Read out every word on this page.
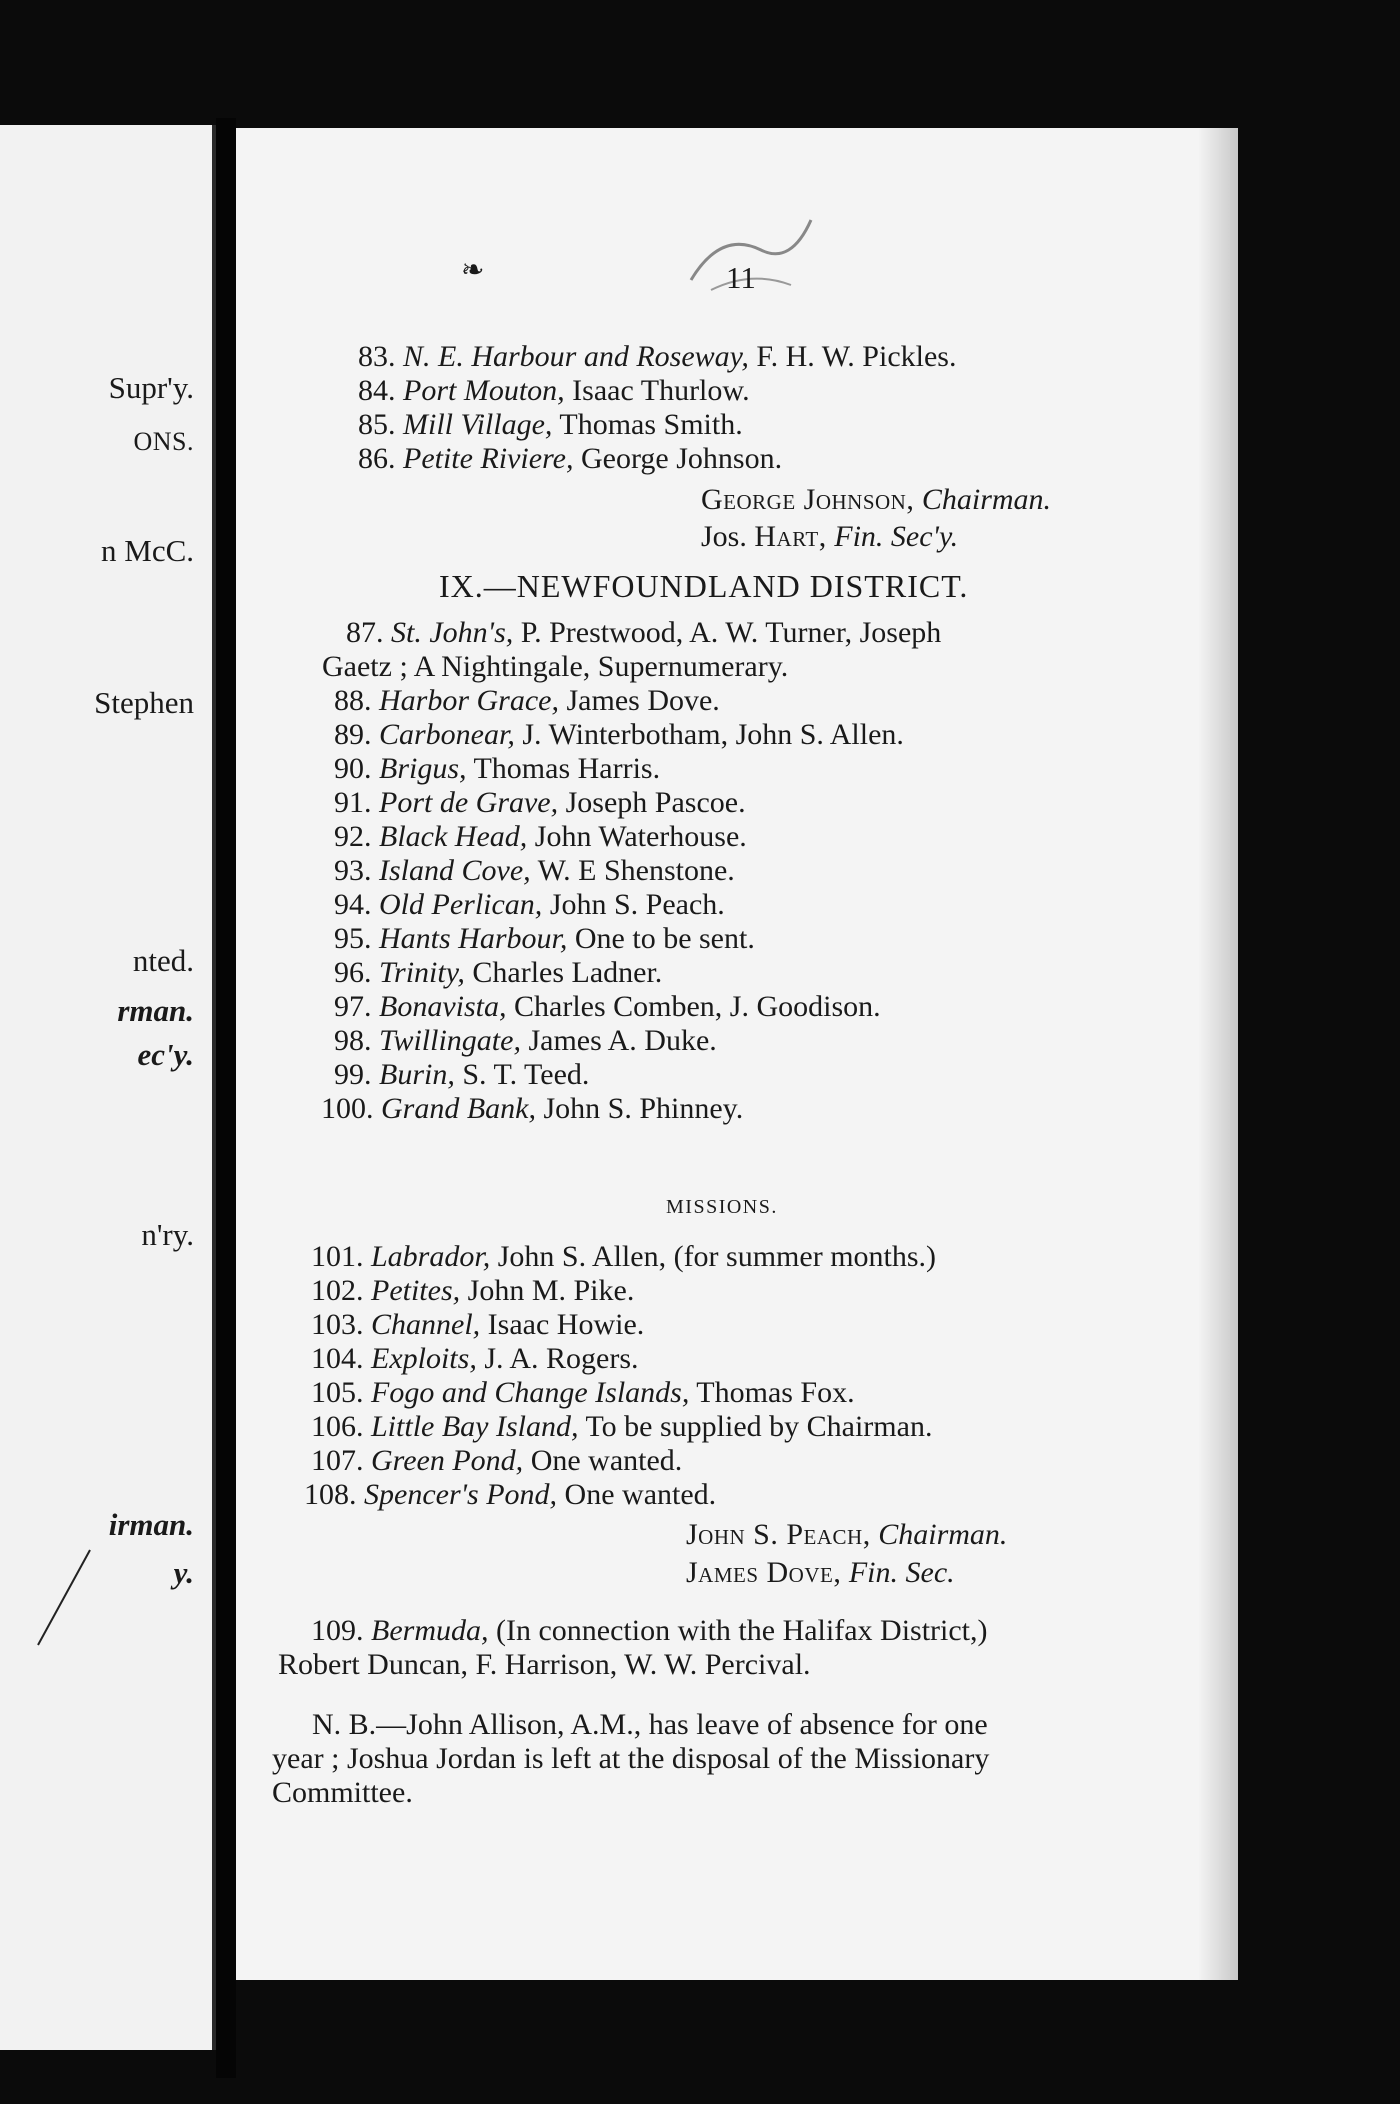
Supr'y.
ONS.
n McC.
Stephen
nted.
rman.
ec'y.
n'ry.
irman.
y.
❧	11
83. N. E. Harbour and Roseway, F. H. W. Pickles.
84. Port Mouton, Isaac Thurlow.
85. Mill Village, Thomas Smith.
86. Petite Riviere, George Johnson.
George Johnson, Chairman.
Jos. Hart, Fin. Sec'y.
IX.—NEWFOUNDLAND DISTRICT.
87. St. John's, P. Prestwood, A. W. Turner, Joseph
Gaetz ; A Nightingale, Supernumerary.
88. Harbor Grace, James Dove.
89. Carbonear, J. Winterbotham, John S. Allen.
90. Brigus, Thomas Harris.
91. Port de Grave, Joseph Pascoe.
92. Black Head, John Waterhouse.
93. Island Cove, W. E Shenstone.
94. Old Perlican, John S. Peach.
95. Hants Harbour, One to be sent.
96. Trinity, Charles Ladner.
97. Bonavista, Charles Comben, J. Goodison.
98. Twillingate, James A. Duke.
99. Burin, S. T. Teed.
100. Grand Bank, John S. Phinney.
MISSIONS.
101. Labrador, John S. Allen, (for summer months.)
102. Petites, John M. Pike.
103. Channel, Isaac Howie.
104. Exploits, J. A. Rogers.
105. Fogo and Change Islands, Thomas Fox.
106. Little Bay Island, To be supplied by Chairman.
107. Green Pond, One wanted.
108. Spencer's Pond, One wanted.
John S. Peach, Chairman.
James Dove, Fin. Sec.
109. Bermuda, (In connection with the Halifax District,)
Robert Duncan, F. Harrison, W. W. Percival.
N. B.—John Allison, A.M., has leave of absence for one
year ; Joshua Jordan is left at the disposal of the Missionary
Committee.
